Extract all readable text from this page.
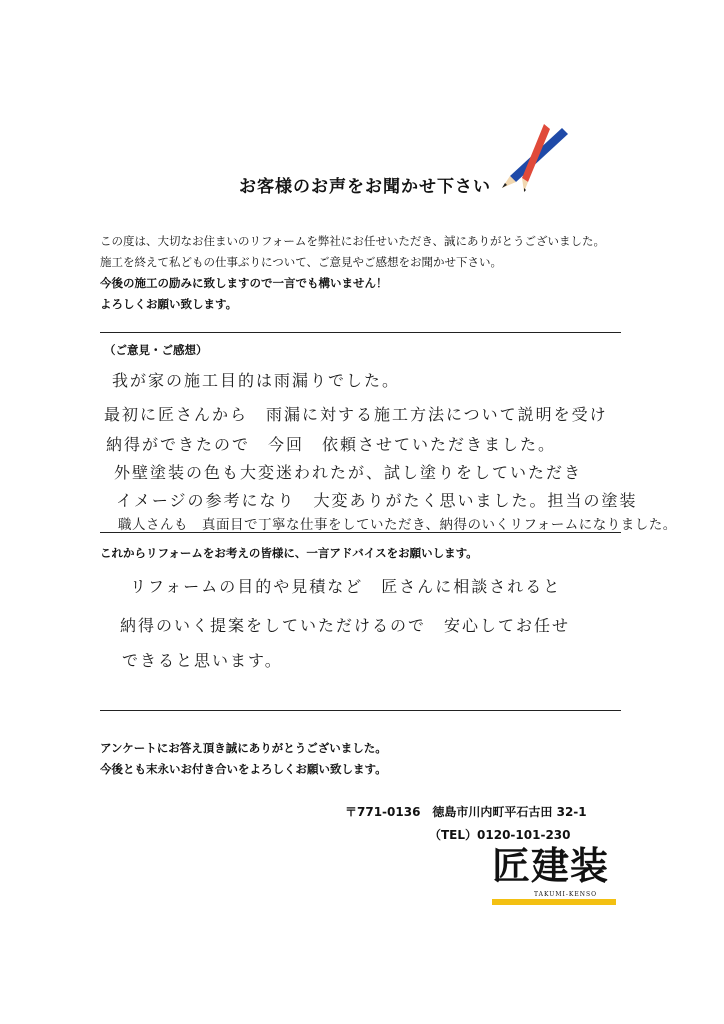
お客様のお声をお聞かせ下さい
この度は、大切なお住まいのリフォームを弊社にお任せいただき、誠にありがとうございました。
施工を終えて私どもの仕事ぶりについて、ご意見やご感想をお聞かせ下さい。
今後の施工の励みに致しますので一言でも構いません！
よろしくお願い致します。
（ご意見・ご感想）
我が家の施工目的は雨漏りでした。
最初に匠さんから　雨漏に対する施工方法について説明を受け
納得ができたので　今回　依頼させていただきました。
外壁塗装の色も大変迷われたが、試し塗りをしていただき
イメージの参考になり　大変ありがたく思いました。担当の塗装
職人さんも　真面目で丁寧な仕事をしていただき、納得のいくリフォームになりました。
これからリフォームをお考えの皆様に、一言アドバイスをお願いします。
リフォームの目的や見積など　匠さんに相談されると
納得のいく提案をしていただけるので　安心してお任せ
できると思います。
アンケートにお答え頂き誠にありがとうございました。
今後とも末永いお付き合いをよろしくお願い致します。
〒771-0136　徳島市川内町平石古田 32-1
（TEL）0120-101-230
匠建装
TAKUMI-KENSO
